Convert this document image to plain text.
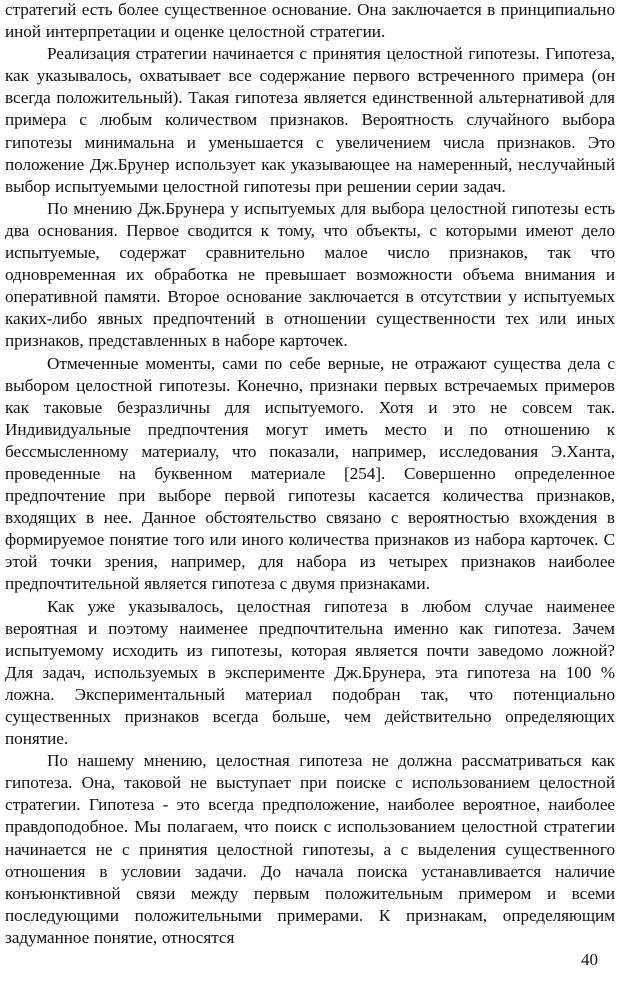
стратегий есть более существенное основание. Она заключается в принципиально иной интерпретации и оценке целостной стратегии.

Реализация стратегии начинается с принятия целостной гипотезы. Гипотеза, как указывалось, охватывает все содержание первого встреченного примера (он всегда положительный). Такая гипотеза является единственной альтернативой для примера с любым количеством признаков. Вероятность случайного выбора гипотезы минимальна и уменьшается с увеличением числа признаков. Это положение Дж.Брунер использует как указывающее на намеренный, неслучайный выбор испытуемыми целостной гипотезы при решении серии задач.

По мнению Дж.Брунера у испытуемых для выбора целостной гипотезы есть два основания. Первое сводится к тому, что объекты, с которыми имеют дело испытуемые, содержат сравнительно малое число признаков, так что одновременная их обработка не превышает возможности объема внимания и оперативной памяти. Второе основание заключается в отсутствии у испытуемых каких-либо явных предпочтений в отношении существенности тех или иных признаков, представленных в наборе карточек.

Отмеченные моменты, сами по себе верные, не отражают существа дела с выбором целостной гипотезы. Конечно, признаки первых встречаемых примеров как таковые безразличны для испытуемого. Хотя и это не совсем так. Индивидуальные предпочтения могут иметь место и по отношению к бессмысленному материалу, что показали, например, исследования Э.Ханта, проведенные на буквенном материале [254]. Совершенно определенное предпочтение при выборе первой гипотезы касается количества признаков, входящих в нее. Данное обстоятельство связано с вероятностью вхождения в формируемое понятие того или иного количества признаков из набора карточек. С этой точки зрения, например, для набора из четырех признаков наиболее предпочтительной является гипотеза с двумя признаками.

Как уже указывалось, целостная гипотеза в любом случае наименее вероятная и поэтому наименее предпочтительна именно как гипотеза. Зачем испытуемому исходить из гипотезы, которая является почти заведомо ложной? Для задач, используемых в эксперименте Дж.Брунера, эта гипотеза на 100 % ложна. Экспериментальный материал подобран так, что потенциально существенных признаков всегда больше, чем действительно определяющих понятие.

По нашему мнению, целостная гипотеза не должна рассматриваться как гипотеза. Она, таковой не выступает при поиске с использованием целостной стратегии. Гипотеза - это всегда предположение, наиболее вероятное, наиболее правдоподобное. Мы полагаем, что поиск с использованием целостной стратегии начинается не с принятия целостной гипотезы, а с выделения существенного отношения в условии задачи. До начала поиска устанавливается наличие конъюнктивной связи между первым положительным примером и всеми последующими положительными примерами. К признакам, определяющим задуманное понятие, относятся

40
